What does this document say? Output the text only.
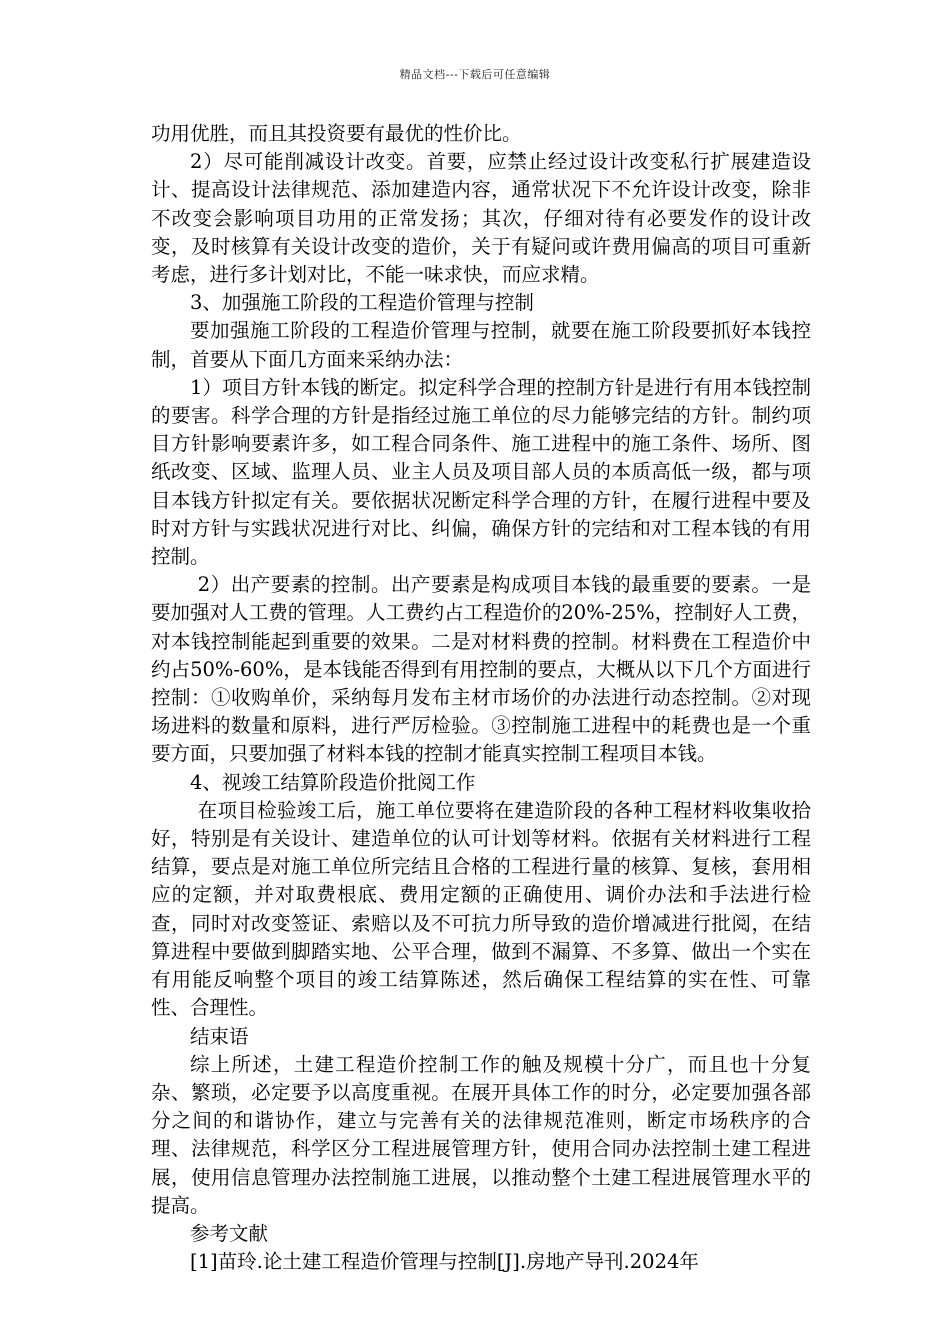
精品文档---下载后可任意编辑

功用优胜，而且其投资要有最优的性价比。

2）尽可能削减设计改变。首要，应禁止经过设计改变私行扩展建造设计、提高设计法律规范、添加建造内容，通常状况下不允许设计改变，除非不改变会影响项目功用的正常发扬；其次，仔细对待有必要发作的设计改变，及时核算有关设计改变的造价，关于有疑问或许费用偏高的项目可重新考虑，进行多计划对比，不能一味求快，而应求精。

3、加强施工阶段的工程造价管理与控制

要加强施工阶段的工程造价管理与控制，就要在施工阶段要抓好本钱控制，首要从下面几方面来采纳办法：

1）项目方针本钱的断定。拟定科学合理的控制方针是进行有用本钱控制的要害。科学合理的方针是指经过施工单位的尽力能够完结的方针。制约项目方针影响要素许多，如工程合同条件、施工进程中的施工条件、场所、图纸改变、区域、监理人员、业主人员及项目部人员的本质高低一级，都与项目本钱方针拟定有关。要依据状况断定科学合理的方针，在履行进程中要及时对方针与实践状况进行对比、纠偏，确保方针的完结和对工程本钱的有用控制。

2）出产要素的控制。出产要素是构成项目本钱的最重要的要素。一是要加强对人工费的管理。人工费约占工程造价的20%-25%，控制好人工费，对本钱控制能起到重要的效果。二是对材料费的控制。材料费在工程造价中约占50%-60%，是本钱能否得到有用控制的要点，大概从以下几个方面进行控制：①收购单价，采纳每月发布主材市场价的办法进行动态控制。②对现场进料的数量和原料，进行严厉检验。③控制施工进程中的耗费也是一个重要方面，只要加强了材料本钱的控制才能真实控制工程项目本钱。

4、视竣工结算阶段造价批阅工作

在项目检验竣工后，施工单位要将在建造阶段的各种工程材料收集收拾好，特别是有关设计、建造单位的认可计划等材料。依据有关材料进行工程结算，要点是对施工单位所完结且合格的工程进行量的核算、复核，套用相应的定额，并对取费根底、费用定额的正确使用、调价办法和手法进行检查，同时对改变签证、索赔以及不可抗力所导致的造价增减进行批阅，在结算进程中要做到脚踏实地、公平合理，做到不漏算、不多算、做出一个实在有用能反响整个项目的竣工结算陈述，然后确保工程结算的实在性、可靠性、合理性。

结束语

综上所述，土建工程造价控制工作的触及规模十分广，而且也十分复杂、繁琐，必定要予以高度重视。在展开具体工作的时分，必定要加强各部分之间的和谐协作，建立与完善有关的法律规范准则，断定市场秩序的合理、法律规范，科学区分工程进展管理方针，使用合同办法控制土建工程进展，使用信息管理办法控制施工进展，以推动整个土建工程进展管理水平的提高。

参考文献

[1]苗玲.论土建工程造价管理与控制[J].房地产导刊.2024年
